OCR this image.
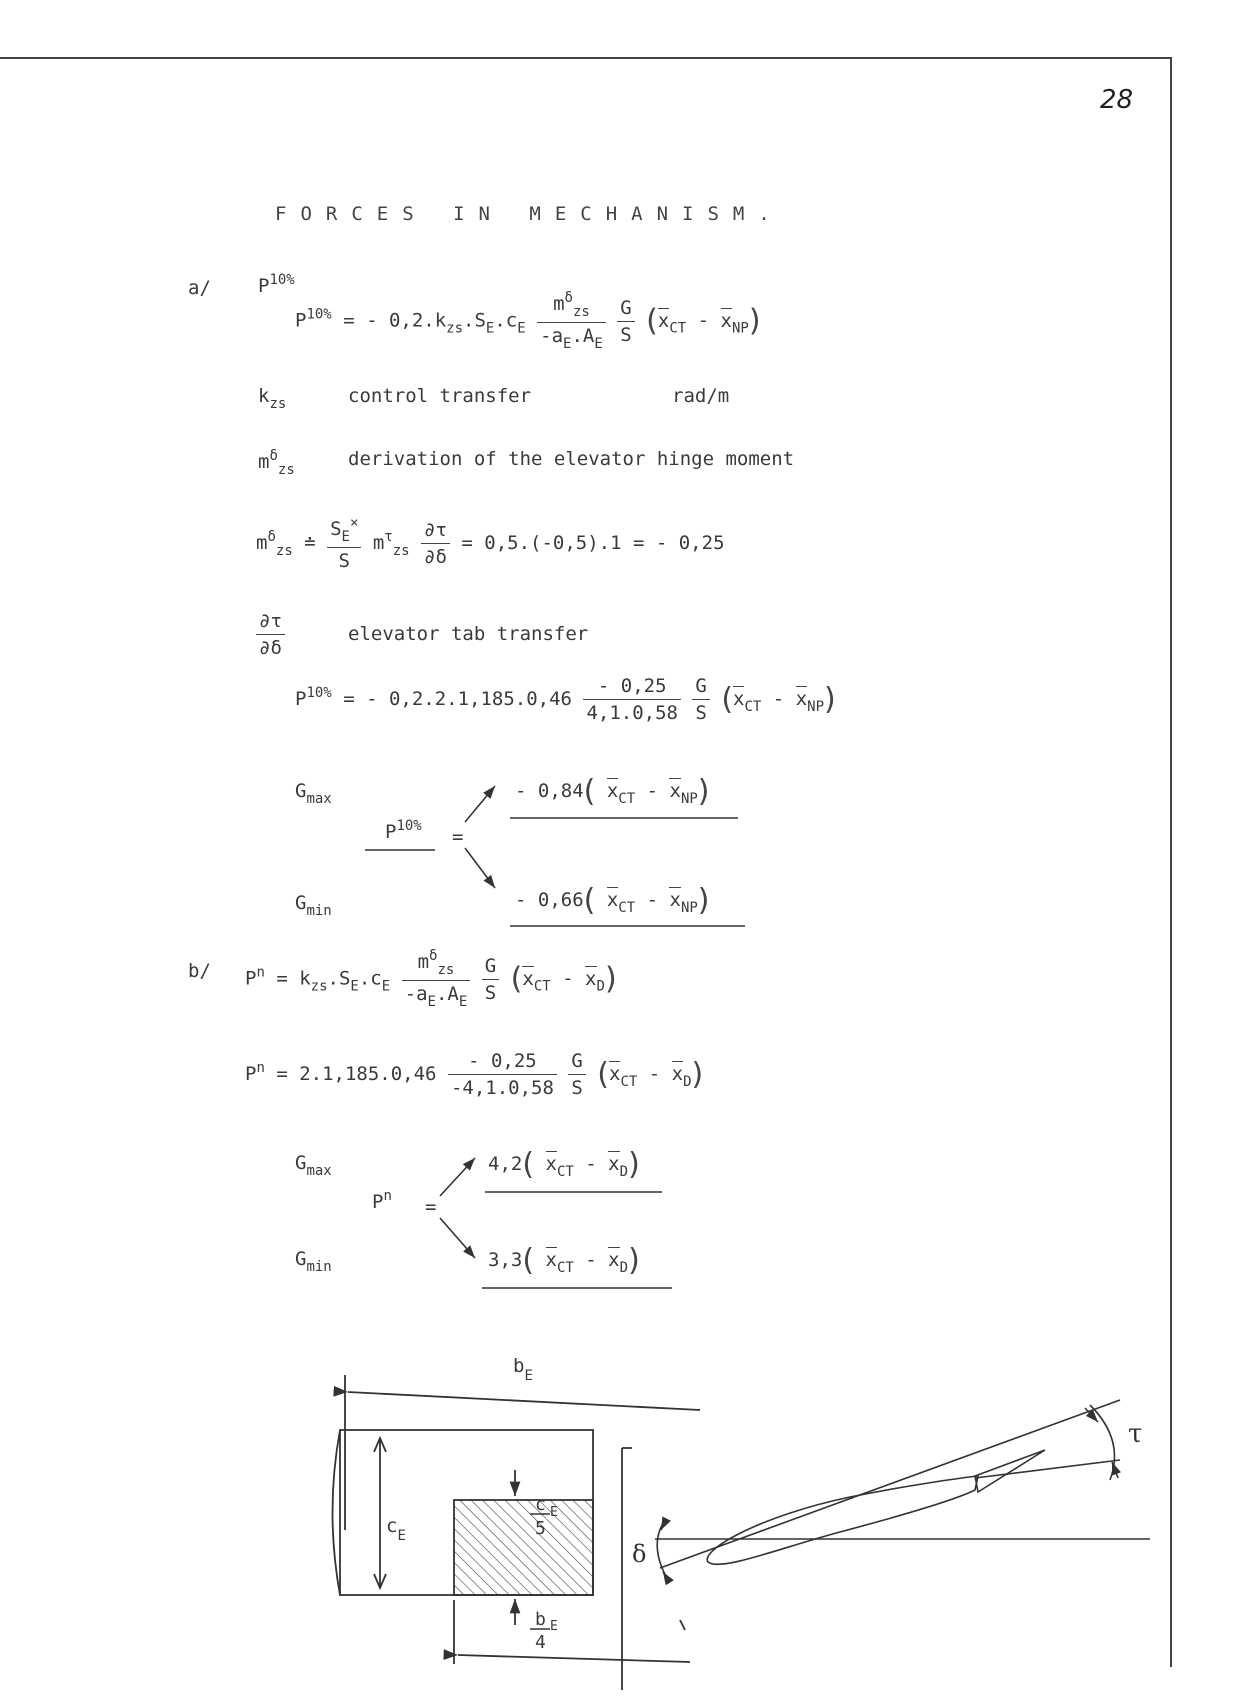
28
FORCES IN MECHANISM.
a/ $P^{10\%}$
$P^{10\%}$ = - $0,2.k_{zs}.S_E.c_E \frac{m^\delta_{zs}}{-a_E.A_E}$
$\frac{G}{S} (x_{CT} - x_{NP})$
$k_{zs}$	control transfer	rad/m
$m^\delta_{zs}$	derivation of the elevator hinge moment
$m^\delta_{zs}$ ≐ $\frac{S_E^\times}{S} m^\tau_{zs} \frac{\partial\tau}{\partial\delta} = 0,5.(-0,5).1$ = - 0,25
$\frac{\partial\tau}{\partial\delta}$	elevator tab transfer
$P^{10\%}$ = - $0,2.2.1,185.0,46 \frac{- 0,25}{4,1.0,58}$
$\frac{G}{S} (x_{CT} - x_{NP})$
$G_{max}$
$G_{min}$
$P^{10\%}$ =
- 0,84( $x_{CT} - x_{NP}$)
- 0,66( $x_{CT} - x_{NP}$)
b/ $P^n = k_{zs}.S_E.c_E \frac{m^\delta_{zs}}{-a_E.A_E}$
$\frac{G}{S} (x_{CT} - x_D)$
$P^n = 2.1,185.0,46 \frac{- 0,25}{-4,1.0,58}$
$\frac{G}{S} (x_{CT} - x_D)$
$G_{max}$
$G_{min}$
$P^n$ =
4,2( $x_{CT} - x_D$)
3,3( $x_{CT} - x_D$)
$b_E$
$c_E$
c E
5
b E
4
τ
δ
